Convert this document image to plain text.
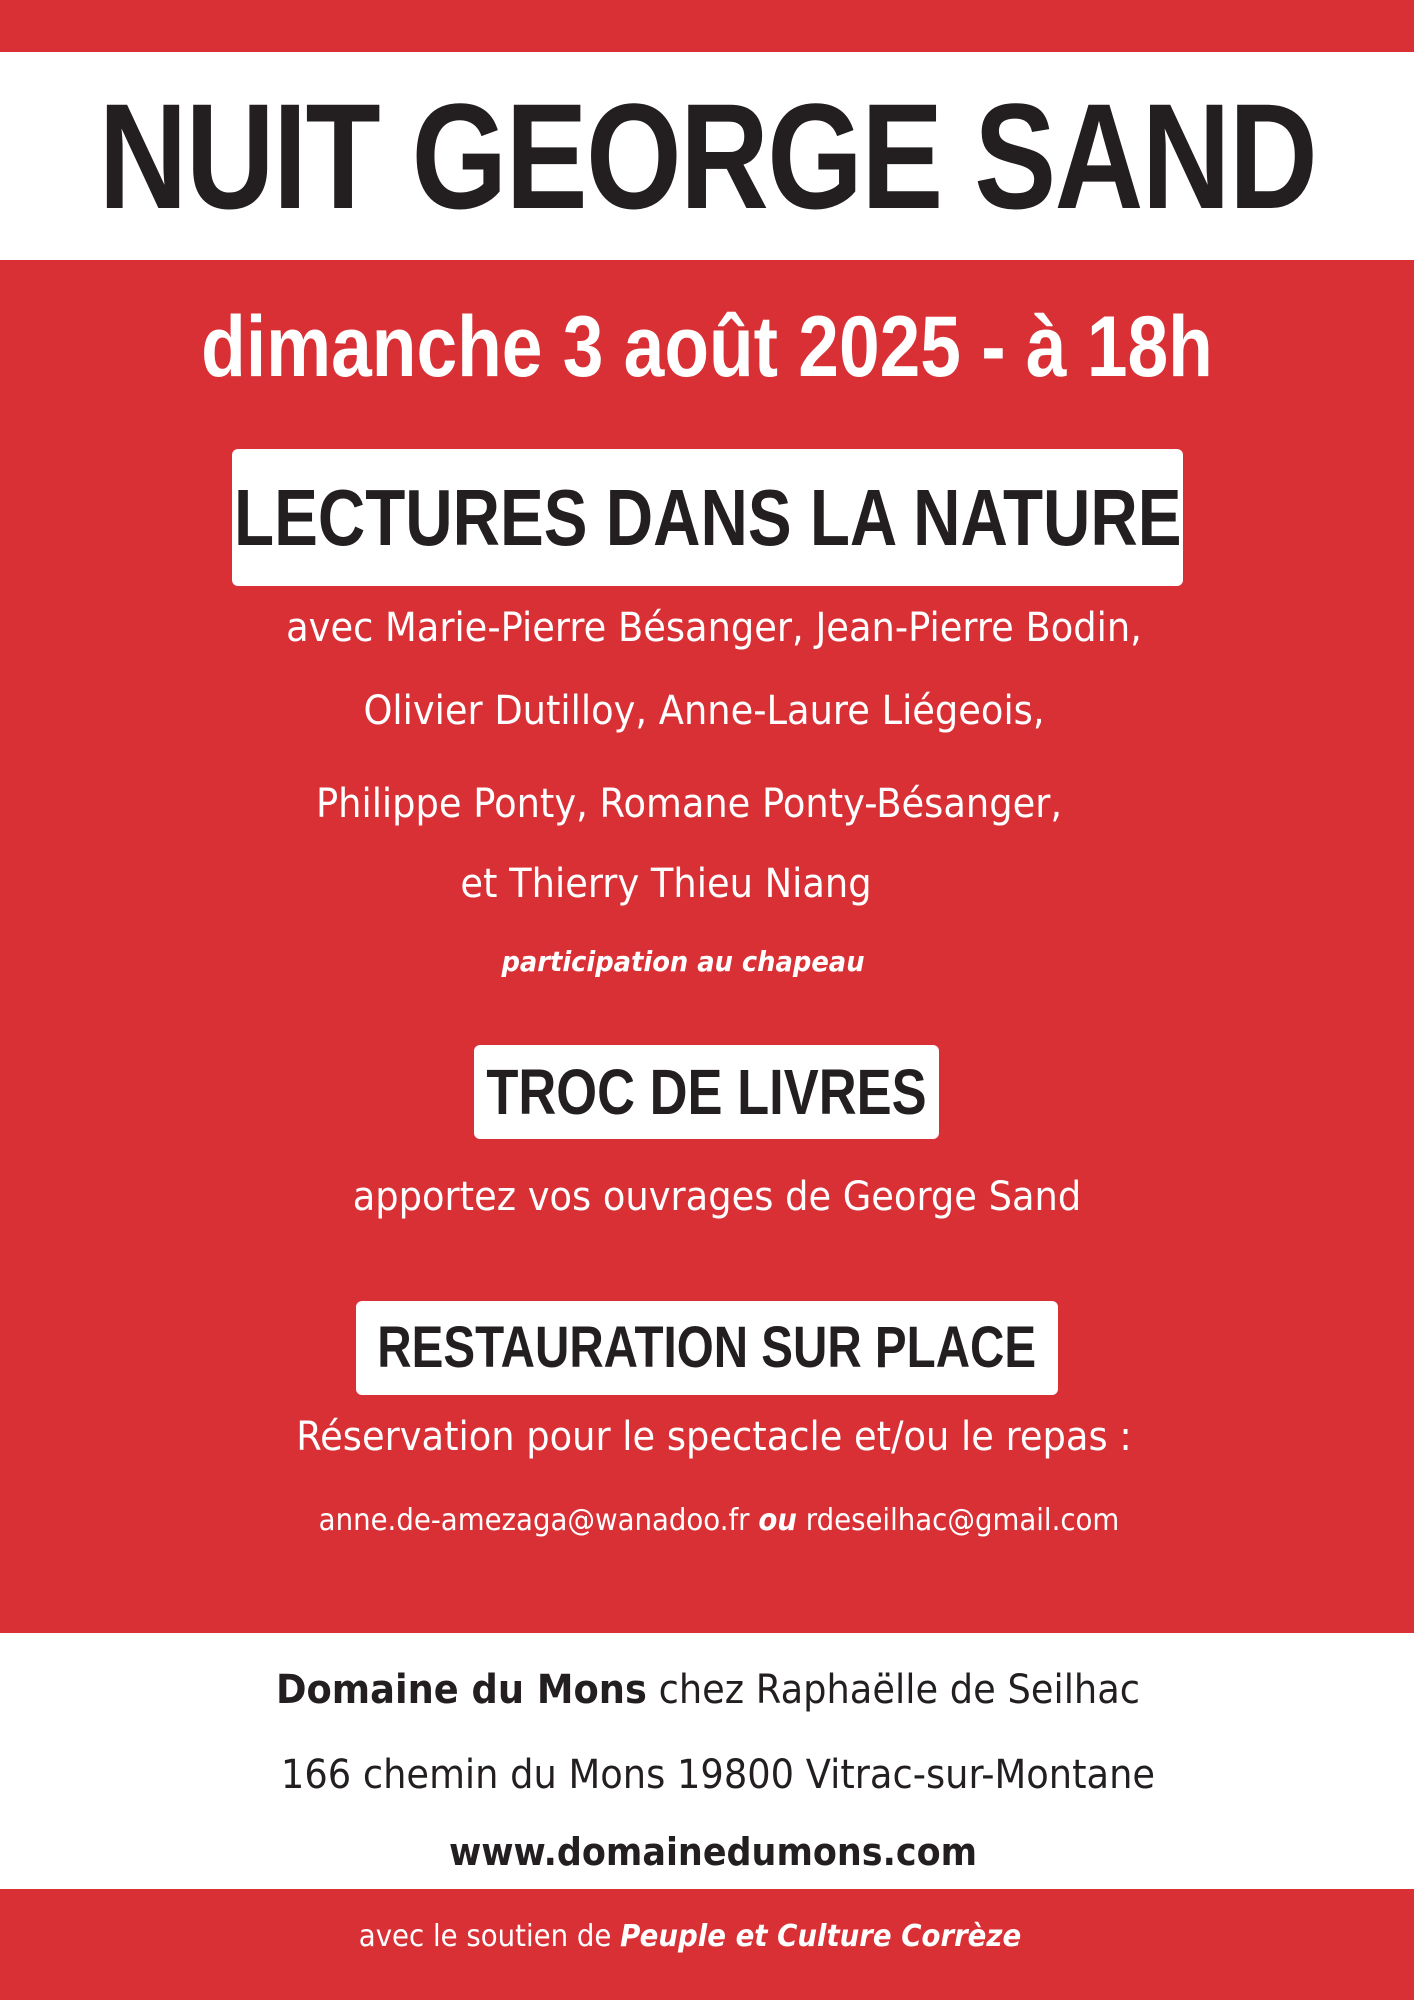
NUIT GEORGE SAND
dimanche 3 août 2025 - à 18h
LECTURES DANS LA NATURE
avec Marie-Pierre Bésanger, Jean-Pierre Bodin,
Olivier Dutilloy, Anne-Laure Liégeois,
Philippe Ponty, Romane Ponty-Bésanger,
et Thierry Thieu Niang
participation au chapeau
TROC DE LIVRES
apportez vos ouvrages de George Sand
RESTAURATION SUR PLACE
Réservation pour le spectacle et/ou le repas :
anne.de-amezaga@wanadoo.fr ou rdeseilhac@gmail.com
Domaine du Mons chez Raphaëlle de Seilhac
166 chemin du Mons 19800 Vitrac-sur-Montane
www.domainedumons.com
avec le soutien de Peuple et Culture Corrèze
